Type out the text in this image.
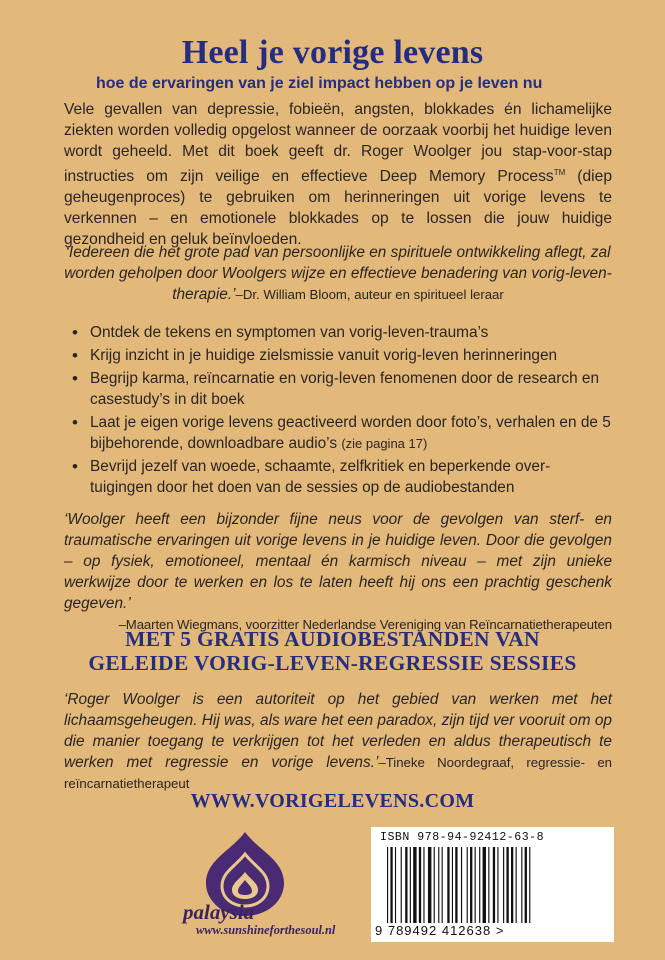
Heel je vorige levens
hoe de ervaringen van je ziel impact hebben op je leven nu
Vele gevallen van depressie, fobieën, angsten, blokkades én lichamelijke ziekten worden volledig opgelost wanneer de oorzaak voorbij het huidige leven wordt geheeld. Met dit boek geeft dr. Roger Woolger jou stap-voor-stap instructies om zijn veilige en effectieve Deep Memory Process™ (diep geheugenproces) te gebruiken om herinneringen uit vorige levens te verkennen – en emotionele blokkades op te lossen die jouw huidige gezondheid en geluk beïnvloeden.
‘Iedereen die het grote pad van persoonlijke en spirituele ontwikkeling aflegt, zal worden geholpen door Woolgers wijze en effectieve benadering van vorig-leven-therapie.’–Dr. William Bloom, auteur en spiritueel leraar
• Ontdek de tekens en symptomen van vorig-leven-trauma’s
• Krijg inzicht in je huidige zielsmissie vanuit vorig-leven herinneringen
• Begrijp karma, reïncarnatie en vorig-leven fenomenen door de research en casestudy’s in dit boek
• Laat je eigen vorige levens geactiveerd worden door foto’s, verhalen en de 5 bijbehorende, downloadbare audio’s (zie pagina 17)
• Bevrijd jezelf van woede, schaamte, zelfkritiek en beperkende over-tuigingen door het doen van de sessies op de audiobestanden
‘Woolger heeft een bijzonder fijne neus voor de gevolgen van sterf- en traumatische ervaringen uit vorige levens in je huidige leven. Door die gevolgen – op fysiek, emotioneel, mentaal én karmisch niveau – met zijn unieke werkwijze door te werken en los te laten heeft hij ons een prachtig geschenk gegeven.’
–Maarten Wiegmans, voorzitter Nederlandse Vereniging van Reïncarnatietherapeuten
MET 5 GRATIS AUDIOBESTANDEN VAN
GELEIDE VORIG-LEVEN-REGRESSIE SESSIES
‘Roger Woolger is een autoriteit op het gebied van werken met het lichaamsgeheugen. Hij was, als ware het een paradox, zijn tijd ver vooruit om op die manier toegang te verkrijgen tot het verleden en aldus therapeutisch te werken met regressie en vorige levens.’–Tineke Noordegraaf, regressie- en reïncarnatietherapeut
WWW.VORIGELEVENS.COM
palaysia
www.sunshineforthesoul.nl
ISBN 978-94-92412-63-8
9 789492 412638 >
